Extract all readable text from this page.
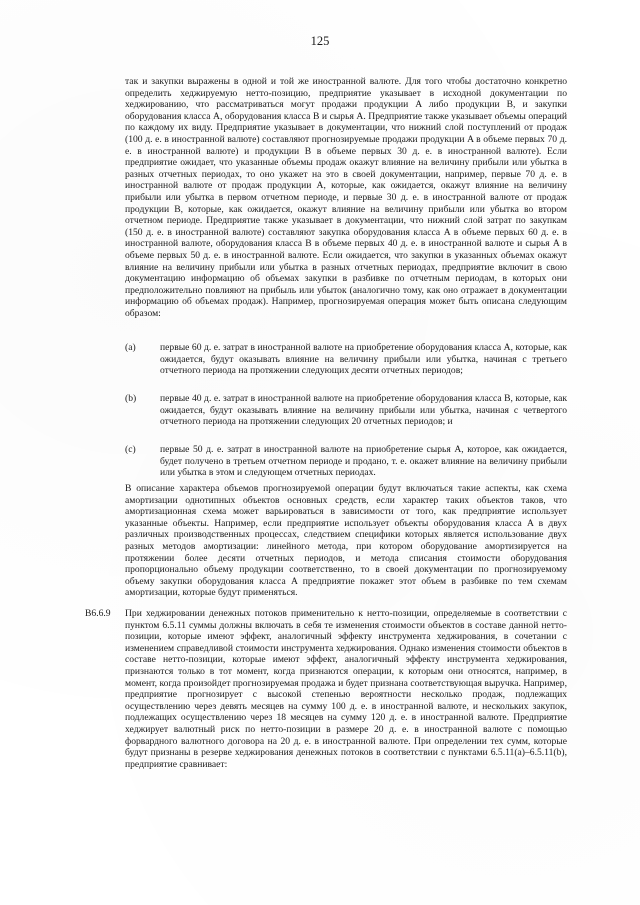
125

так и закупки выражены в одной и той же иностранной валюте. Для того чтобы достаточно конкретно определить хеджируемую нетто-позицию, предприятие указывает в исходной документации по хеджированию, что рассматриваться могут продажи продукции A либо продукции B, и закупки оборудования класса A, оборудования класса B и сырья A. Предприятие также указывает объемы операций по каждому их виду. Предприятие указывает в документации, что нижний слой поступлений от продаж (100 д. е. в иностранной валюте) составляют прогнозируемые продажи продукции A в объеме первых 70 д. е. в иностранной валюте) и продукции B в объеме первых 30 д. е. в иностранной валюте). Если предприятие ожидает, что указанные объемы продаж окажут влияние на величину прибыли или убытка в разных отчетных периодах, то оно укажет на это в своей документации, например, первые 70 д. е. в иностранной валюте от продаж продукции A, которые, как ожидается, окажут влияние на величину прибыли или убытка в первом отчетном периоде, и первые 30 д. е. в иностранной валюте от продаж продукции B, которые, как ожидается, окажут влияние на величину прибыли или убытка во втором отчетном периоде. Предприятие также указывает в документации, что нижний слой затрат по закупкам (150 д. е. в иностранной валюте) составляют закупка оборудования класса A в объеме первых 60 д. е. в иностранной валюте, оборудования класса B в объеме первых 40 д. е. в иностранной валюте и сырья A в объеме первых 50 д. е. в иностранной валюте. Если ожидается, что закупки в указанных объемах окажут влияние на величину прибыли или убытка в разных отчетных периодах, предприятие включит в свою документацию информацию об объемах закупки в разбивке по отчетным периодам, в которых они предположительно повлияют на прибыль или убыток (аналогично тому, как оно отражает в документации информацию об объемах продаж). Например, прогнозируемая операция может быть описана следующим образом:

(a)	первые 60 д. е. затрат в иностранной валюте на приобретение оборудования класса A, которые, как ожидается, будут оказывать влияние на величину прибыли или убытка, начиная с третьего отчетного периода на протяжении следующих десяти отчетных периодов;
(b) первые 40 д. е. затрат в иностранной валюте на приобретение оборудования класса B, которые, как ожидается, будут оказывать влияние на величину прибыли или убытка, начиная с четвертого отчетного периода на протяжении следующих 20 отчетных периодов; и
(c)	первые 50 д. е. затрат в иностранной валюте на приобретение сырья A, которое, как ожидается, будет получено в третьем отчетном периоде и продано, т. е. окажет влияние на величину прибыли или убытка в этом и следующем отчетных периодах.

В описание характера объемов прогнозируемой операции будут включаться такие аспекты, как схема амортизации однотипных объектов основных средств, если характер таких объектов таков, что амортизационная схема может варьироваться в зависимости от того, как предприятие использует указанные объекты. Например, если предприятие использует объекты оборудования класса A в двух различных производственных процессах, следствием специфики которых является использование двух разных методов амортизации: линейного метода, при котором оборудование амортизируется на протяжении более десяти отчетных периодов, и метода списания стоимости оборудования пропорционально объему продукции соответственно, то в своей документации по прогнозируемому объему закупки оборудования класса A предприятие покажет этот объем в разбивке по тем схемам амортизации, которые будут применяться.

B6.6.9 При хеджировании денежных потоков применительно к нетто-позиции, определяемые в соответствии с пунктом 6.5.11 суммы должны включать в себя те изменения стоимости объектов в составе данной нетто-позиции, которые имеют эффект, аналогичный эффекту инструмента хеджирования, в сочетании с изменением справедливой стоимости инструмента хеджирования. Однако изменения стоимости объектов в составе нетто-позиции, которые имеют эффект, аналогичный эффекту инструмента хеджирования, признаются только в тот момент, когда признаются операции, к которым они относятся, например, в момент, когда произойдет прогнозируемая продажа и будет признана соответствующая выручка. Например, предприятие прогнозирует с высокой степенью вероятности несколько продаж, подлежащих осуществлению через девять месяцев на сумму 100 д. е. в иностранной валюте, и нескольких закупок, подлежащих осуществлению через 18 месяцев на сумму 120 д. е. в иностранной валюте. Предприятие хеджирует валютный риск по нетто-позиции в размере 20 д. е. в иностранной валюте с помощью форвардного валютного договора на 20 д. е. в иностранной валюте. При определении тех сумм, которые будут признаны в резерве хеджирования денежных потоков в соответствии с пунктами 6.5.11(a)–6.5.11(b), предприятие сравнивает:
